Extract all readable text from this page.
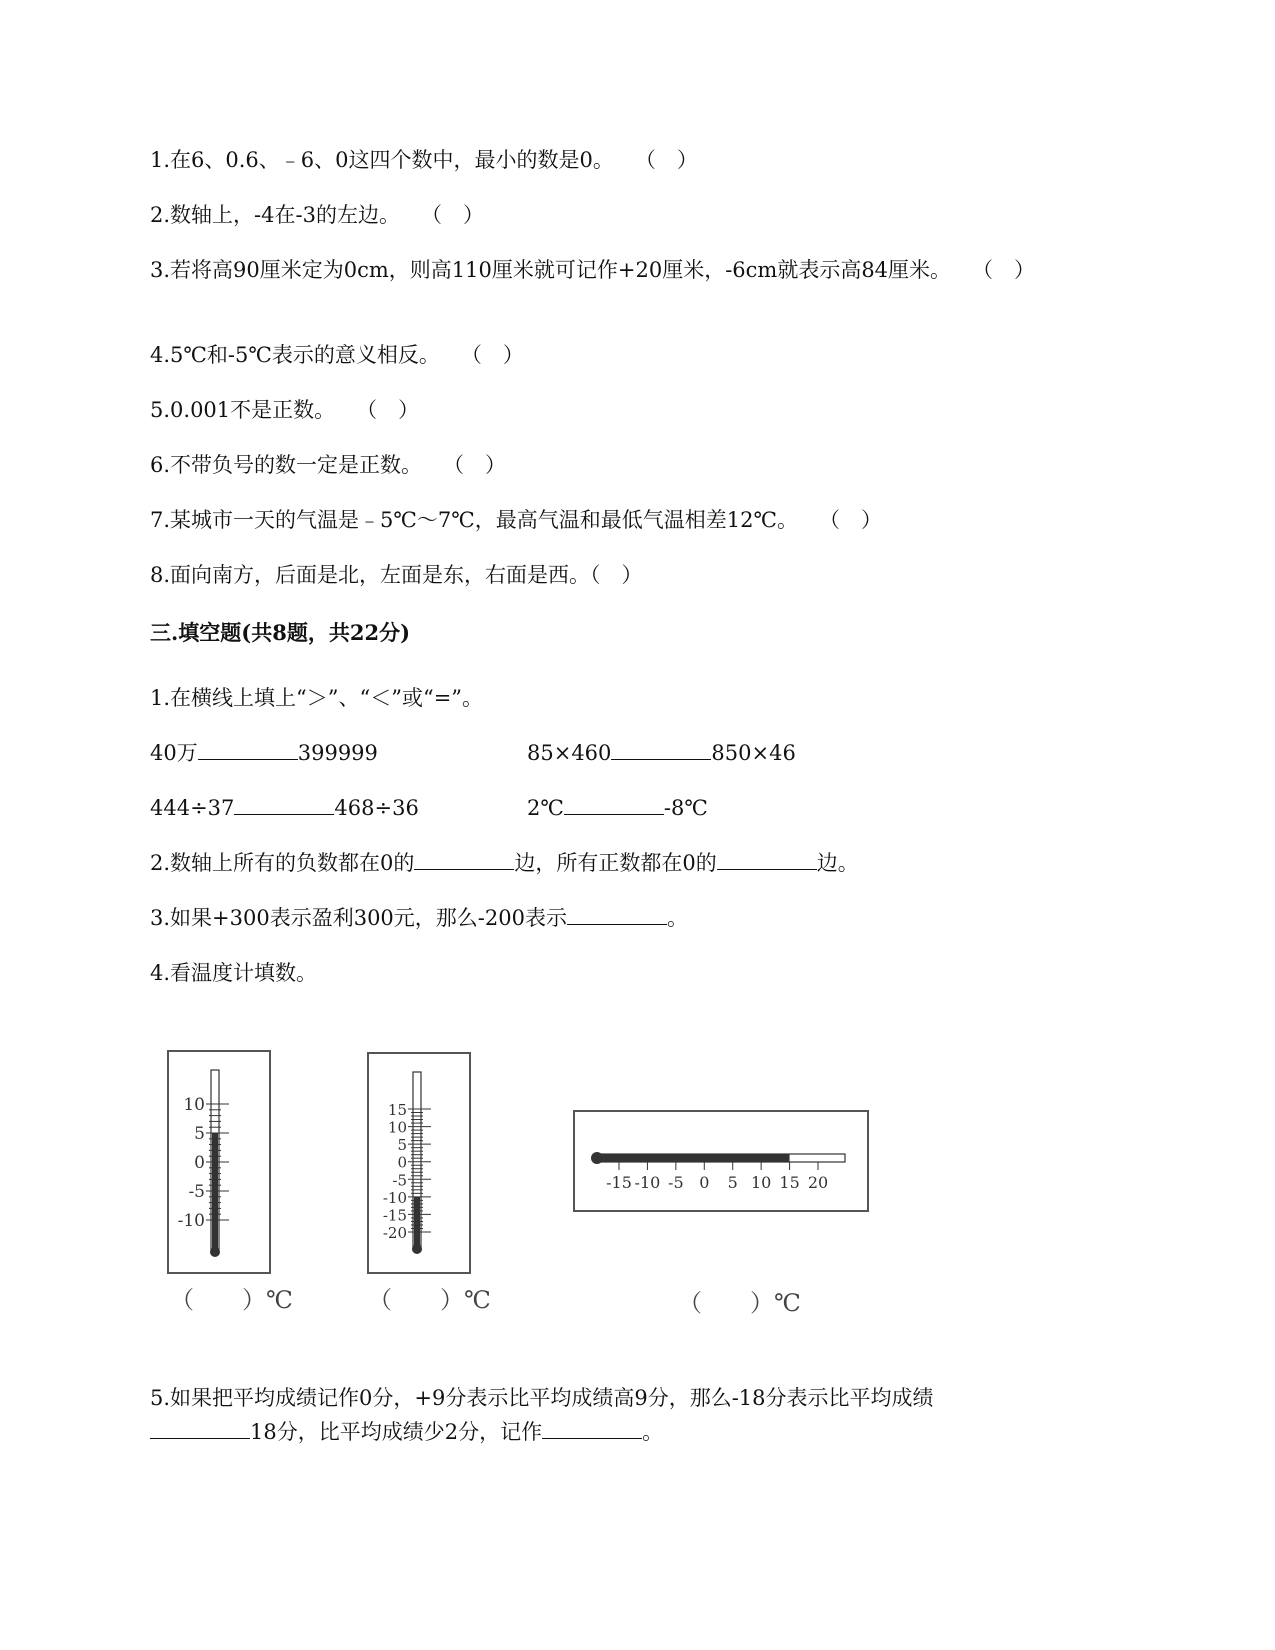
1.在6、0.6、﹣6、0这四个数中，最小的数是0。　　（　）
2.数轴上，-4在-3的左边。　　（　）
3.若将高90厘米定为0cm，则高110厘米就可记作+20厘米，-6cm就表示高84厘米。　　（　）
4.5℃和-5℃表示的意义相反。　　（　）
5.0.001不是正数。　　（　）
6.不带负号的数一定是正数。　　（　）
7.某城市一天的气温是﹣5℃～7℃，最高气温和最低气温相差12℃。　　（　）
8.面向南方，后面是北，左面是东，右面是西。（　）
三.填空题(共8题，共22分)
1.在横线上填上“＞”、“＜”或“=”。
40万	399999	85×460	850×46
444÷37	468÷36	2℃	-8℃
2.数轴上所有的负数都在0的	边，所有正数都在0的	边。
3.如果+300表示盈利300元，那么-200表示	。
4.看温度计填数。
10
5
0
-5
-10
（　　）℃
15
10
5
0
-5
-10
-15
-20
（　　）℃
-15 -10 -5 0 5 10 15 20
（　　）℃
5.如果把平均成绩记作0分，+9分表示比平均成绩高9分，那么-18分表示比平均成绩
18分，比平均成绩少2分，记作	。
